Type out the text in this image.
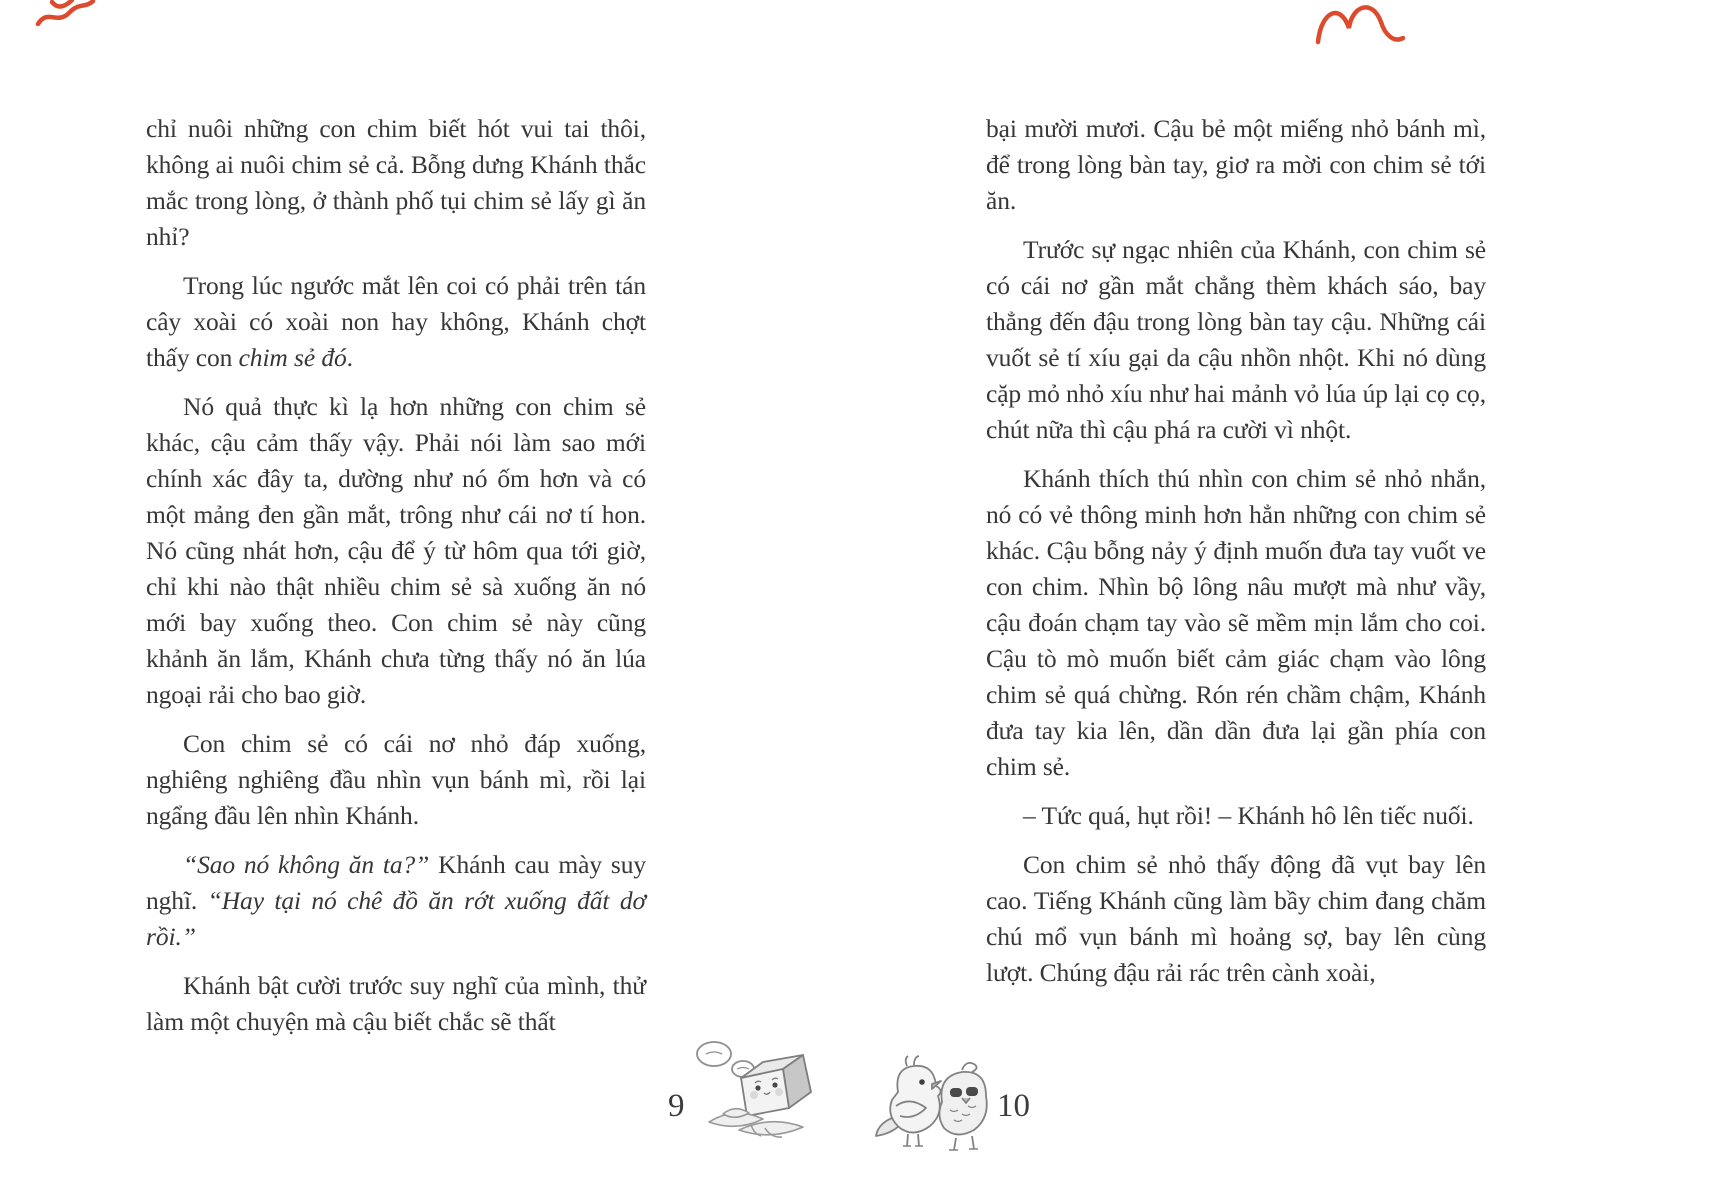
chỉ nuôi những con chim biết hót vui tai thôi, không ai nuôi chim sẻ cả. Bỗng dưng Khánh thắc mắc trong lòng, ở thành phố tụi chim sẻ lấy gì ăn nhỉ?

Trong lúc ngước mắt lên coi có phải trên tán cây xoài có xoài non hay không, Khánh chợt thấy con chim sẻ đó.

Nó quả thực kì lạ hơn những con chim sẻ khác, cậu cảm thấy vậy. Phải nói làm sao mới chính xác đây ta, dường như nó ốm hơn và có một mảng đen gần mắt, trông như cái nơ tí hon. Nó cũng nhát hơn, cậu để ý từ hôm qua tới giờ, chỉ khi nào thật nhiều chim sẻ sà xuống ăn nó mới bay xuống theo. Con chim sẻ này cũng khảnh ăn lắm, Khánh chưa từng thấy nó ăn lúa ngoại rải cho bao giờ.

Con chim sẻ có cái nơ nhỏ đáp xuống, nghiêng nghiêng đầu nhìn vụn bánh mì, rồi lại ngẩng đầu lên nhìn Khánh.

“Sao nó không ăn ta?” Khánh cau mày suy nghĩ. “Hay tại nó chê đồ ăn rớt xuống đất dơ rồi.”

Khánh bật cười trước suy nghĩ của mình, thử làm một chuyện mà cậu biết chắc sẽ thất

bại mười mươi. Cậu bẻ một miếng nhỏ bánh mì, để trong lòng bàn tay, giơ ra mời con chim sẻ tới ăn.

Trước sự ngạc nhiên của Khánh, con chim sẻ có cái nơ gần mắt chẳng thèm khách sáo, bay thẳng đến đậu trong lòng bàn tay cậu. Những cái vuốt sẻ tí xíu gại da cậu nhồn nhột. Khi nó dùng cặp mỏ nhỏ xíu như hai mảnh vỏ lúa úp lại cọ cọ, chút nữa thì cậu phá ra cười vì nhột.

Khánh thích thú nhìn con chim sẻ nhỏ nhắn, nó có vẻ thông minh hơn hẳn những con chim sẻ khác. Cậu bỗng nảy ý định muốn đưa tay vuốt ve con chim. Nhìn bộ lông nâu mượt mà như vầy, cậu đoán chạm tay vào sẽ mềm mịn lắm cho coi. Cậu tò mò muốn biết cảm giác chạm vào lông chim sẻ quá chừng. Rón rén chầm chậm, Khánh đưa tay kia lên, dần dần đưa lại gần phía con chim sẻ.

– Tức quá, hụt rồi! – Khánh hô lên tiếc nuối.

Con chim sẻ nhỏ thấy động đã vụt bay lên cao. Tiếng Khánh cũng làm bầy chim đang chăm chú mổ vụn bánh mì hoảng sợ, bay lên cùng lượt. Chúng đậu rải rác trên cành xoài,

9	10
